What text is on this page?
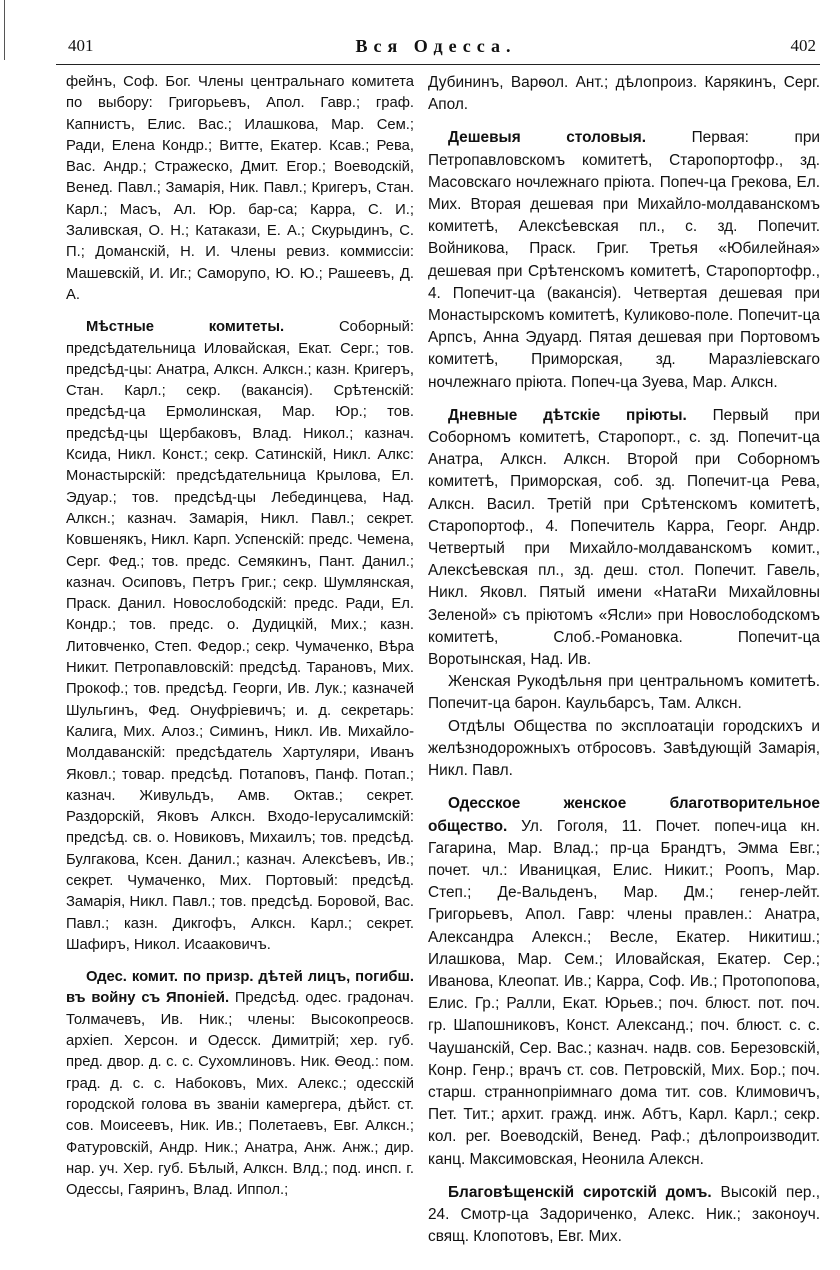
401	Вся Одесса.	402

фейнъ, Соф. Бог. Члены центральнаго комитета по выбору: Григорьевъ, Апол. Гавр.; граф. Капнистъ, Елис. Вас.; Илашкова, Мар. Сем.; Ради, Елена Кондр.; Витте, Екатер. Ксав.; Рева, Вас. Андр.; Стражеско, Дмит. Егор.; Воеводскій, Венед. Павл.; Замарія, Ник. Павл.; Кригеръ, Стан. Карл.; Масъ, Ал. Юр. бар-са; Карра, С. И.; Заливская, О. Н.; Катакази, Е. А.; Скурыдинъ, С. П.; Доманскій, Н. И. Члены ревиз. коммиссіи: Машевскій, И. Иг.; Саморупо, Ю. Ю.; Рашеевъ, Д. А.

Мѣстные комитеты. Соборный: предсѣдательница Иловайская, Екат. Серг.; тов. предсѣд-цы: Анатра, Алксн. Алксн.; казн. Кригеръ, Стан. Карл.; секр. (вакансія). Срѣтенскій: предсѣд-ца Ермолинская, Мар. Юр.; тов. предсѣд-цы Щербаковъ, Влад. Никол.; казнач. Ксида, Никл. Конст.; секр. Сатинскій, Никл. Алкс: Монастырскій: предсѣдательница Крылова, Ел. Эдуар.; тов. предсѣд-цы Лебединцева, Над. Алксн.; казнач. Замарія, Никл. Павл.; секрет. Ковшенякъ, Никл. Карп. Успенскій: предс. Чемена, Серг. Фед.; тов. предс. Семякинъ, Пант. Данил.; казнач. Осиповъ, Петръ Григ.; секр. Шумлянская, Праск. Данил. Новослободскій: предс. Ради, Ел. Кондр.; тов. предс. о. Дудицкій, Мих.; казн. Литовченко, Степ. Федор.; секр. Чумаченко, Вѣра Никит. Петропавловскій: предсѣд. Тарановъ, Мих. Прокоф.; тов. предсѣд. Георги, Ив. Лук.; казначей Шульгинъ, Фед. Онуфріевичъ; и. д. секретарь: Калига, Мих. Алоз.; Симинъ, Никл. Ив. Михайло-Молдаванскій: предсѣдатель Хартуляри, Иванъ Яковл.; товар. предсѣд. Потаповъ, Панф. Потап.; казнач. Живульдъ, Амв. Октав.; секрет. Раздорскій, Яковъ Алксн. Входо-Іерусалимскій: предсѣд. св. о. Новиковъ, Михаилъ; тов. предсѣд. Булгакова, Ксен. Данил.; казнач. Алексѣевъ, Ив.; секрет. Чумаченко, Мих. Портовый: предсѣд. Замарія, Никл. Павл.; тов. предсѣд. Боровой, Вас. Павл.; казн. Дикгофъ, Алксн. Карл.; секрет. Шафиръ, Никол. Исааковичъ.

Одес. комит. по призр. дѣтей лицъ, погибш. въ войну съ Японіей. Предсѣд. одес. градонач. Толмачевъ, Ив. Ник.; члены: Высокопреосв. архіеп. Херсон. и Одесск. Димитрій; хер. губ. пред. двор. д. с. с. Сухомлиновъ. Ник. Ѳеод.: пом. град. д. с. с. Набоковъ, Мих. Алекс.; одесскій городской голова въ званіи камергера, дѣйст. ст. сов. Моисеевъ, Ник. Ив.; Полетаевъ, Евг. Алксн.; Фатуровскій, Андр. Ник.; Анатра, Анж. Анж.; дир. нар. уч. Хер. губ. Бѣлый, Алксн. Влд.; под. инсп. г. Одессы, Гаяринъ, Влад. Иппол.;

Дубининъ, Варѳол. Ант.; дѣлопроиз. Карякинъ, Серг. Апол.

Дешевыя столовыя. Первая: при Петропавловскомъ комитетѣ, Старопортофр., зд. Масовскаго ночлежнаго пріюта. Попеч-ца Грекова, Ел. Мих. Вторая дешевая при Михайло-молдаванскомъ комитетѣ, Алексѣевская пл., с. зд. Попечит. Войникова, Праск. Григ. Третья «Юбилейная» дешевая при Срѣтенскомъ комитетѣ, Старопортофр., 4. Попечит-ца (вакансія). Четвертая дешевая при Монастырскомъ комитетѣ, Куликово-поле. Попечит-ца Арпсъ, Анна Эдуард. Пятая дешевая при Портовомъ комитетѣ, Приморская, зд. Маразліевскаго ночлежнаго пріюта. Попеч-ца Зуева, Мар. Алксн.

Дневные дѣтскіе пріюты. Первый при Соборномъ комитетѣ, Старопорт., с. зд. Попечит-ца Анатра, Алксн. Алксн. Второй при Соборномъ комитетѣ, Приморская, соб. зд. Попечит-ца Рева, Алксн. Васил. Третій при Срѣтенскомъ комитетѣ, Старопортоф., 4. Попечитель Карра, Георг. Андр. Четвертый при Михайло-молдаванскомъ комит., Алексѣевская пл., зд. деш. стол. Попечит. Гавель, Никл. Яковл. Пятый имени «НатаRи Михайловны Зеленой» съ пріютомъ «Ясли» при Новослободскомъ комитетѣ, Слоб.-Романовка. Попечит-ца Воротынская, Над. Ив.

Женская Рукодѣльня при центральномъ комитетѣ. Попечит-ца барон. Каульбарсъ, Там. Алксн.

Отдѣлы Общества по эксплоатаціи городскихъ и желѣзнодорожныхъ отбросовъ. Завѣдующій Замарія, Никл. Павл.

Одесское женское благотворительное общество. Ул. Гоголя, 11. Почет. попеч-ица кн. Гагарина, Мар. Влад.; пр-ца Брандтъ, Эмма Евг.; почет. чл.: Иваницкая, Елис. Никит.; Роопъ, Мар. Степ.; Де-Вальденъ, Мар. Дм.; генер-лейт. Григорьевъ, Апол. Гавр: члены правлен.: Анатра, Александра Алексн.; Весле, Екатер. Никитиш.; Илашкова, Мар. Сем.; Иловайская, Екатер. Сер.; Иванова, Клеопат. Ив.; Карра, Соф. Ив.; Протопопова, Елис. Гр.; Ралли, Екат. Юрьев.; поч. блюст. пот. поч. гр. Шапошниковъ, Конст. Александ.; поч. блюст. с. с. Чаушанскій, Сер. Вас.; казнач. надв. сов. Березовскій, Конр. Генр.; врачъ ст. сов. Петровскій, Мих. Бор.; поч. старш. страннопріимнаго дома тит. сов. Климовичъ, Пет. Тит.; архит. гражд. инж. Абтъ, Карл. Карл.; секр. кол. рег. Воеводскій, Венед. Раф.; дѣлопроизводит. канц. Максимовская, Неонила Алексн.

Благовѣщенскій сиротскій домъ. Высокій пер., 24. Смотр-ца Задориченко, Алекс. Ник.; законоуч. свящ. Клопотовъ, Евг. Мих.
